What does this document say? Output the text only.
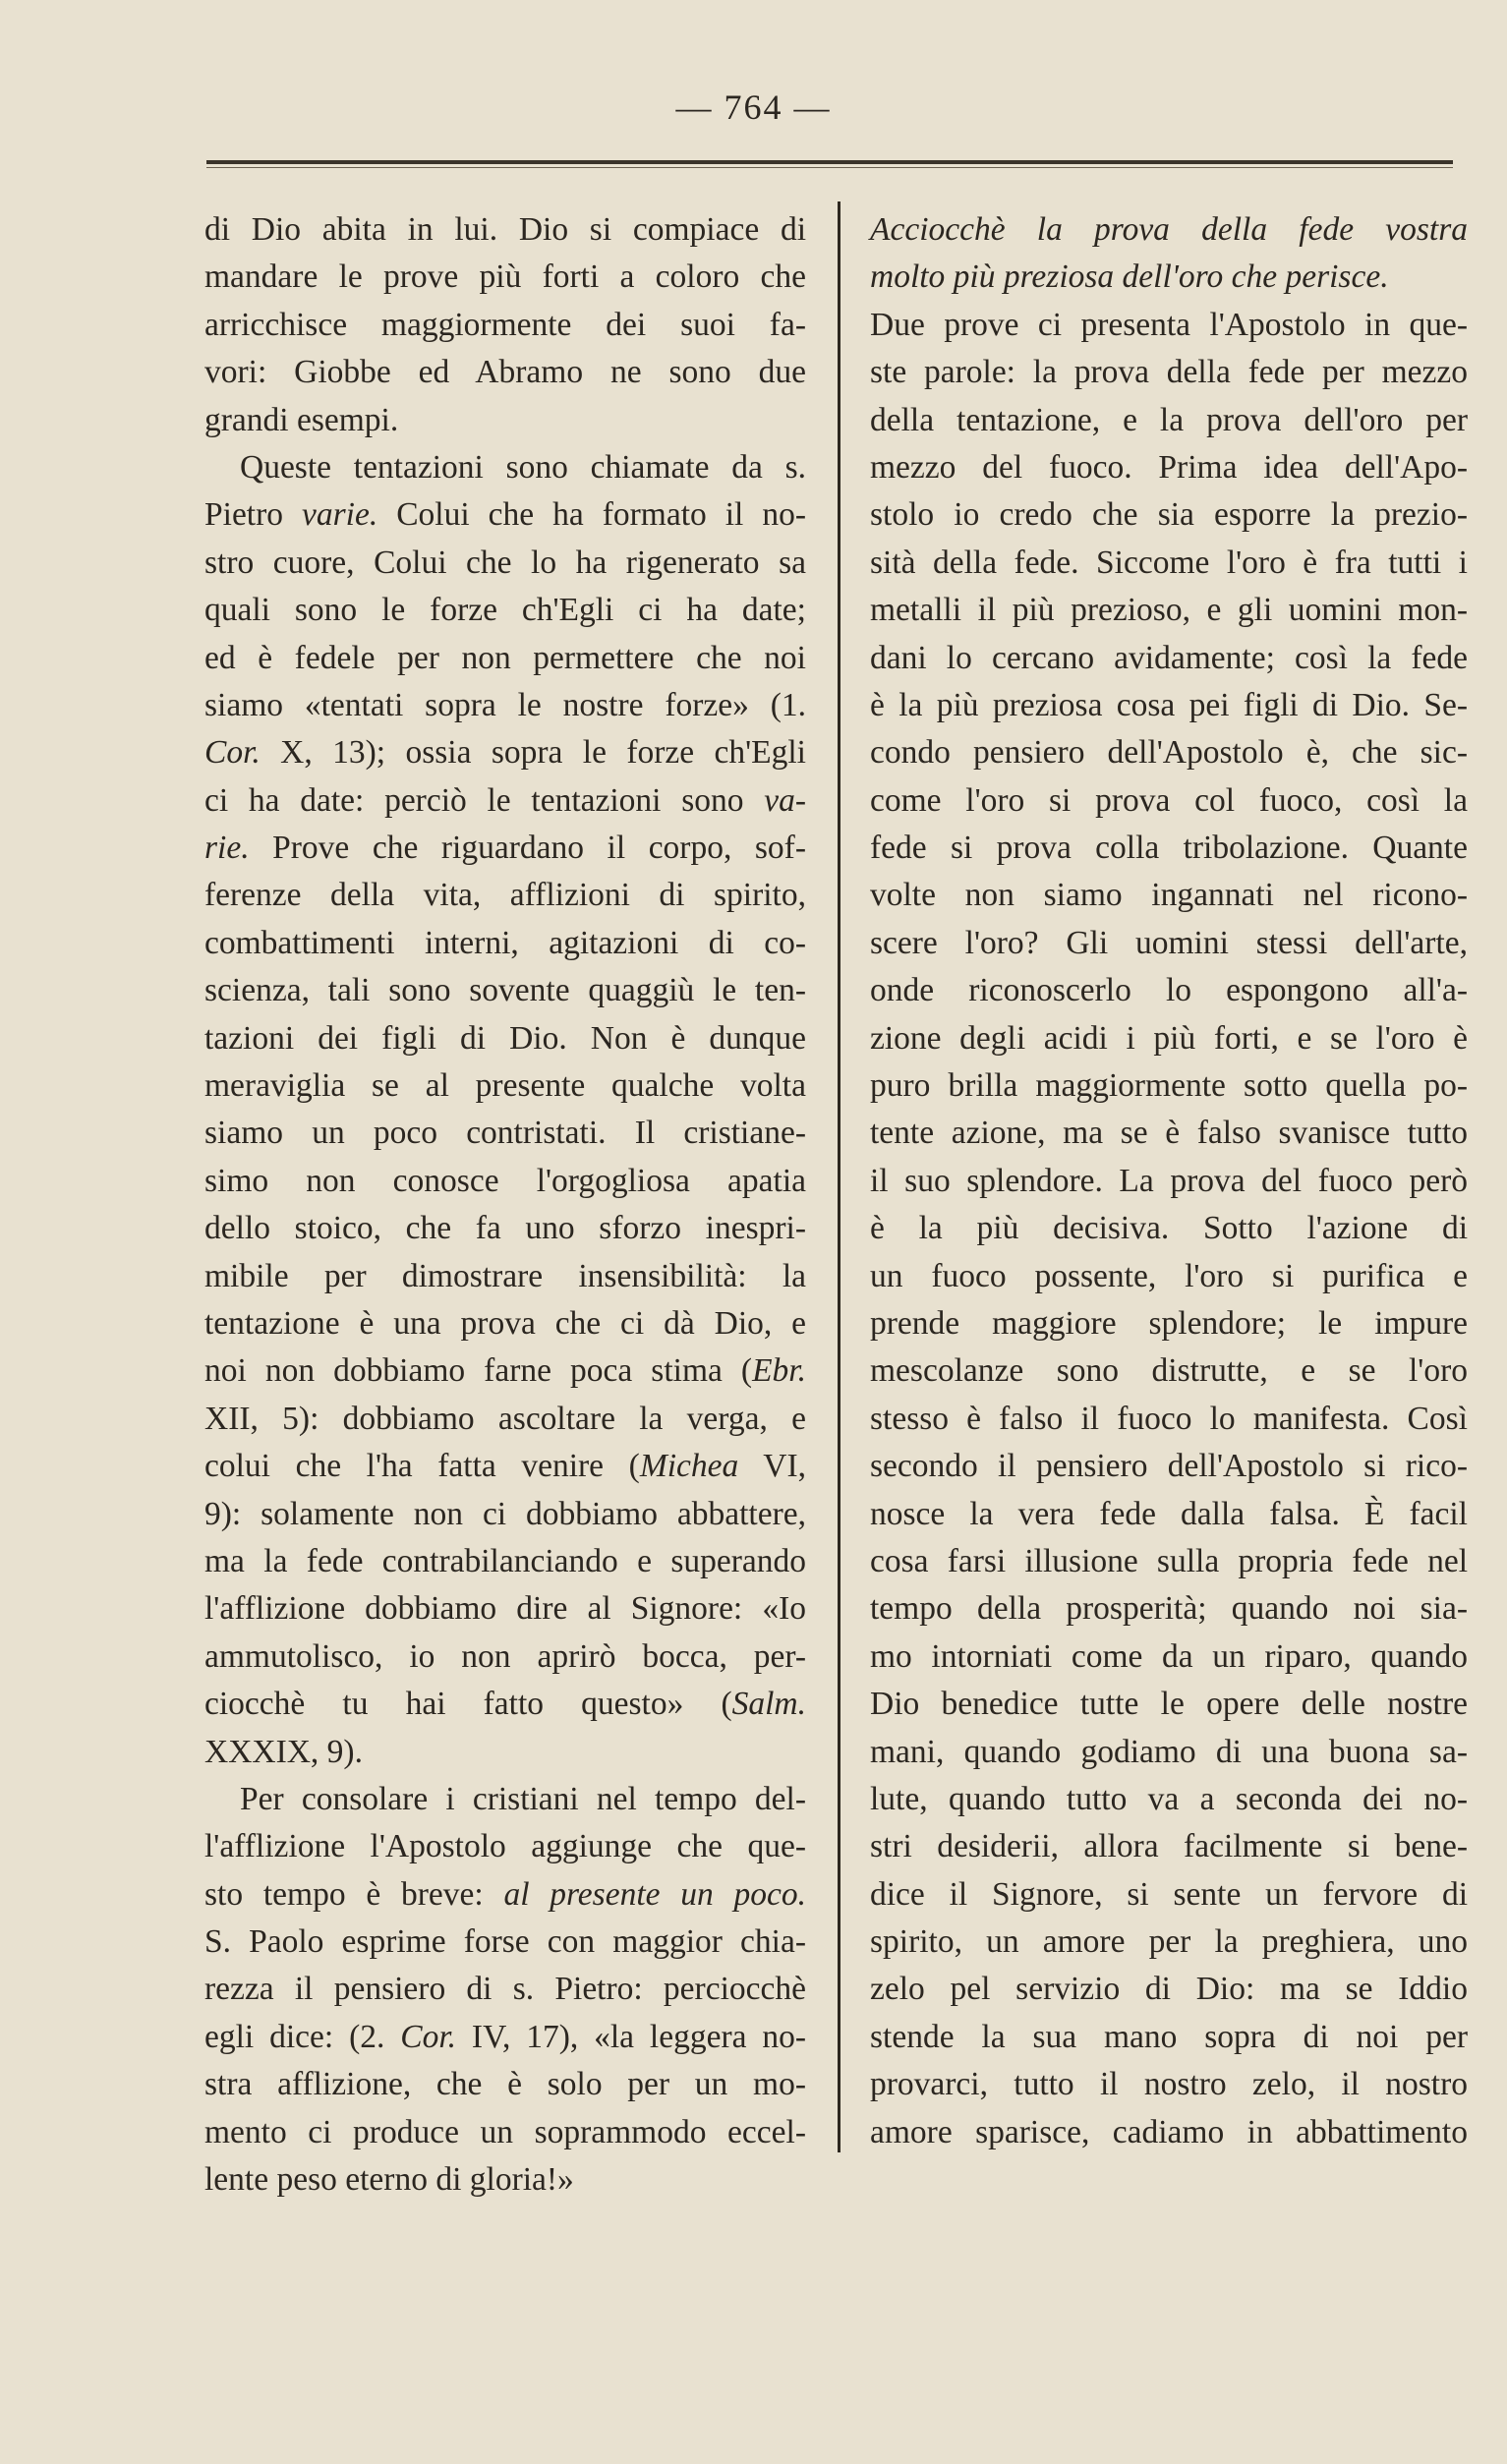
— 764 —
di Dio abita in lui. Dio si compiace di
mandare le prove più forti a coloro che
arricchisce maggiormente dei suoi fa-
vori: Giobbe ed Abramo ne sono due
grandi esempi.
Queste tentazioni sono chiamate da s.
Pietro varie. Colui che ha formato il no-
stro cuore, Colui che lo ha rigenerato sa
quali sono le forze ch'Egli ci ha date;
ed è fedele per non permettere che noi
siamo «tentati sopra le nostre forze» (1.
Cor. X, 13); ossia sopra le forze ch'Egli
ci ha date: perciò le tentazioni sono va-
rie. Prove che riguardano il corpo, sof-
ferenze della vita, afflizioni di spirito,
combattimenti interni, agitazioni di co-
scienza, tali sono sovente quaggiù le ten-
tazioni dei figli di Dio. Non è dunque
meraviglia se al presente qualche volta
siamo un poco contristati. Il cristiane-
simo non conosce l'orgogliosa apatia
dello stoico, che fa uno sforzo inespri-
mibile per dimostrare insensibilità: la
tentazione è una prova che ci dà Dio, e
noi non dobbiamo farne poca stima (Ebr.
XII, 5): dobbiamo ascoltare la verga, e
colui che l'ha fatta venire (Michea VI,
9): solamente non ci dobbiamo abbattere,
ma la fede contrabilanciando e superando
l'afflizione dobbiamo dire al Signore: «Io
ammutolisco, io non aprirò bocca, per-
ciocchè tu hai fatto questo» (Salm.
XXXIX, 9).
Per consolare i cristiani nel tempo del-
l'afflizione l'Apostolo aggiunge che que-
sto tempo è breve: al presente un poco.
S. Paolo esprime forse con maggior chia-
rezza il pensiero di s. Pietro: perciocchè
egli dice: (2. Cor. IV, 17), «la leggera no-
stra afflizione, che è solo per un mo-
mento ci produce un soprammodo eccel-
lente peso eterno di gloria!»
Acciocchè la prova della fede vostra
molto più preziosa dell'oro che perisce.
Due prove ci presenta l'Apostolo in que-
ste parole: la prova della fede per mezzo
della tentazione, e la prova dell'oro per
mezzo del fuoco. Prima idea dell'Apo-
stolo io credo che sia esporre la prezio-
sità della fede. Siccome l'oro è fra tutti i
metalli il più prezioso, e gli uomini mon-
dani lo cercano avidamente; così la fede
è la più preziosa cosa pei figli di Dio. Se-
condo pensiero dell'Apostolo è, che sic-
come l'oro si prova col fuoco, così la
fede si prova colla tribolazione. Quante
volte non siamo ingannati nel ricono-
scere l'oro? Gli uomini stessi dell'arte,
onde riconoscerlo lo espongono all'a-
zione degli acidi i più forti, e se l'oro è
puro brilla maggiormente sotto quella po-
tente azione, ma se è falso svanisce tutto
il suo splendore. La prova del fuoco però
è la più decisiva. Sotto l'azione di
un fuoco possente, l'oro si purifica e
prende maggiore splendore; le impure
mescolanze sono distrutte, e se l'oro
stesso è falso il fuoco lo manifesta. Così
secondo il pensiero dell'Apostolo si rico-
nosce la vera fede dalla falsa. È facil
cosa farsi illusione sulla propria fede nel
tempo della prosperità; quando noi sia-
mo intorniati come da un riparo, quando
Dio benedice tutte le opere delle nostre
mani, quando godiamo di una buona sa-
lute, quando tutto va a seconda dei no-
stri desiderii, allora facilmente si bene-
dice il Signore, si sente un fervore di
spirito, un amore per la preghiera, uno
zelo pel servizio di Dio: ma se Iddio
stende la sua mano sopra di noi per
provarci, tutto il nostro zelo, il nostro
amore sparisce, cadiamo in abbattimento
